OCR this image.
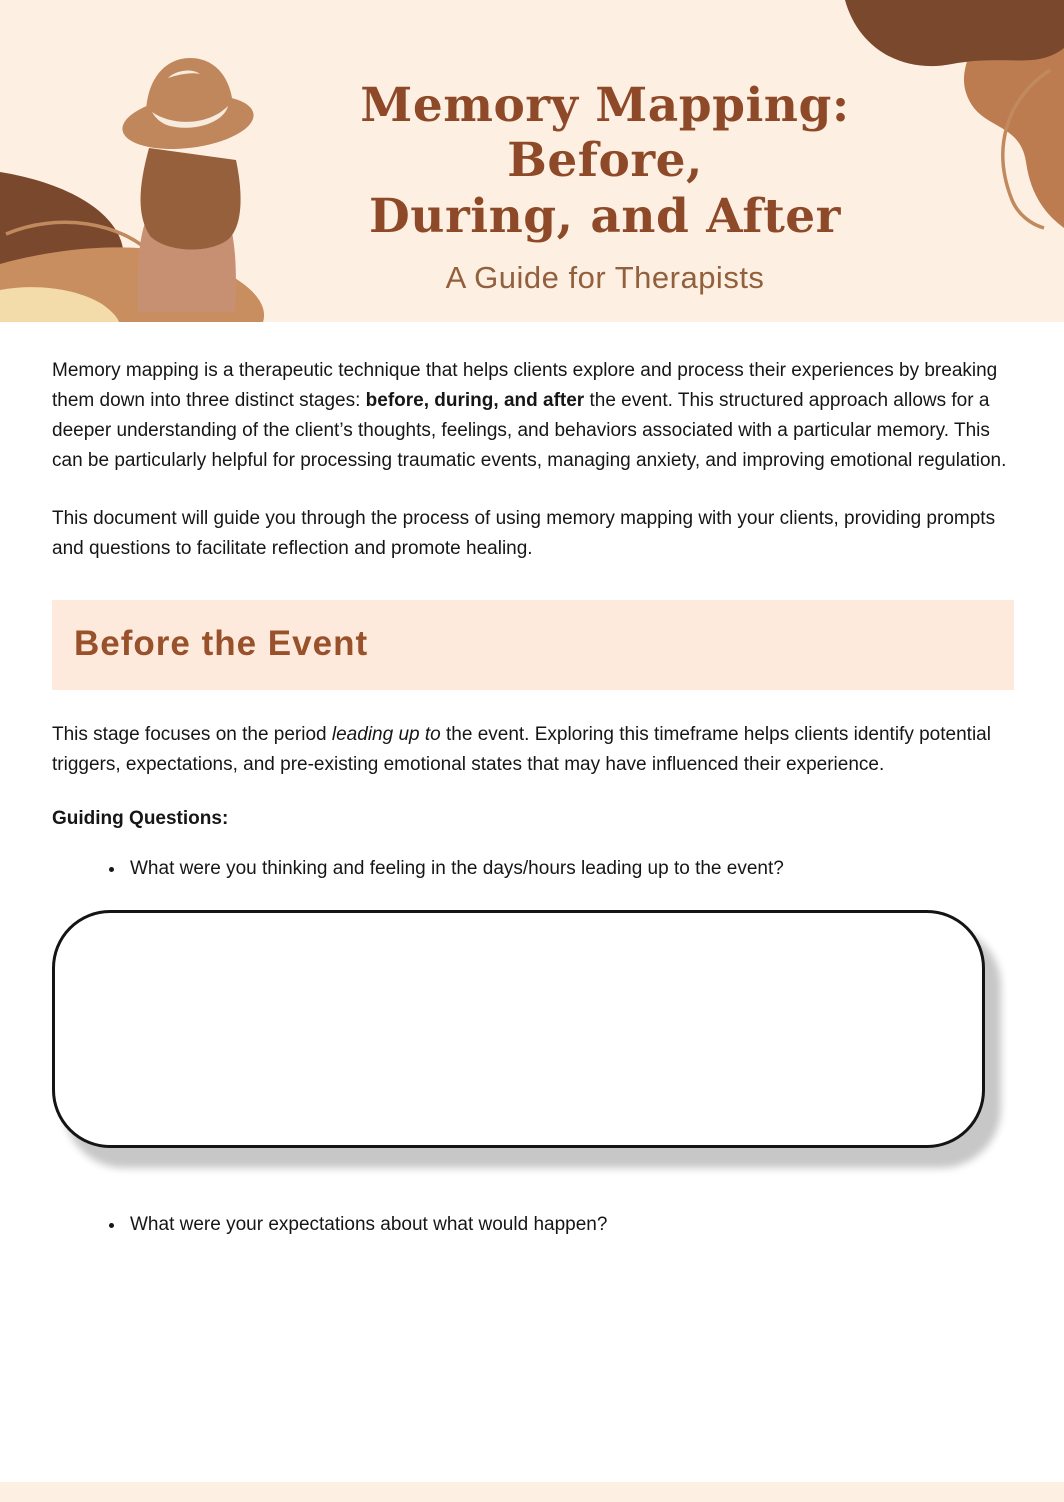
Memory Mapping: Before,
During, and After
A Guide for Therapists

Memory mapping is a therapeutic technique that helps clients explore and process their experiences by breaking them down into three distinct stages: before, during, and after the event. This structured approach allows for a deeper understanding of the client’s thoughts, feelings, and behaviors associated with a particular memory. This can be particularly helpful for processing traumatic events, managing anxiety, and improving emotional regulation.

This document will guide you through the process of using memory mapping with your clients, providing prompts and questions to facilitate reflection and promote healing.

Before the Event

This stage focuses on the period leading up to the event. Exploring this timeframe helps clients identify potential triggers, expectations, and pre-existing emotional states that may have influenced their experience.

Guiding Questions:

• What were you thinking and feeling in the days/hours leading up to the event?
• What were your expectations about what would happen?
